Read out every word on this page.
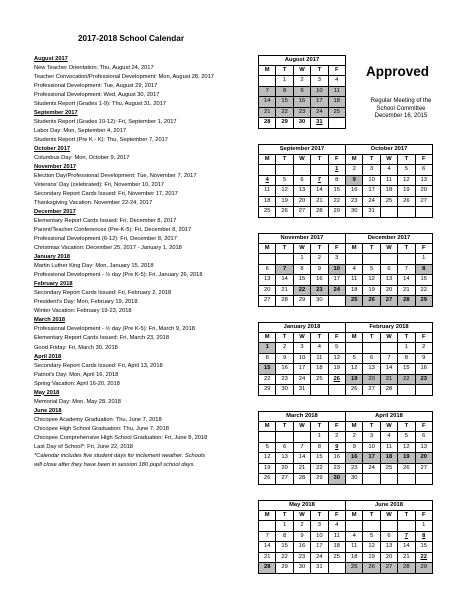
2017-2018 School Calendar
August 2017
New Teacher Orientation: Thu, August 24, 2017
Teacher Convocation/Professional Development: Mon, August 28, 2017
Professional Development: Tue, August 29, 2017
Professional Development: Wed, August 30, 2017
Students Report (Grades 1-9): Thu, August 31, 2017
September 2017
Students Report (Grades 10-12): Fri, September 1, 2017
Labor Day: Mon, September 4, 2017
Students Report (Pre K - K): Thu, September 7, 2017
October 2017
Columbus Day: Mon, October 9, 2017
November 2017
Election Day/Professional Development: Tue, November 7, 2017
Veterans' Day (celebrated): Fri, November 10, 2017
Secondary Report Cards Issued: Fri, November 17, 2017
Thanksgiving Vacation: November 22-24, 2017
December 2017
Elementary Report Cards Issued: Fri, December 8, 2017
Parent/Teacher Conferences (Pre-K-5): Fri, December 8, 2017
Professional Development (6-12): Fri, December 8, 2017
Christmas Vacation: December 25, 2017 - January 1, 2018
January 2018
Martin Luther King Day: Mon, January 15, 2018
Professional Development - ½ day (Pre K-5): Fri, January 26, 2018
February 2018
Secondary Report Cards Issued: Fri, February 2, 2018
President's Day: Mon, February 19, 2018
Winter Vacation: February 19-23, 2018
March 2018
Professional Development - ½ day (Pre K-5): Fri, March 9, 2018
Elementary Report Cards Issued: Fri, March 23, 2018
Good Friday: Fri, March 30, 2018
April 2018
Secondary Report Cards Issued: Fri, April 13, 2018
Patriot's Day: Mon, April 16, 2018
Spring Vacation: April 16-20, 2018
May 2018
Memorial Day: Mon, May 28, 2018
June 2018
Chicopee Academy Graduation: Thu, June 7, 2018
Chicopee High School Graduation: Thu, June 7, 2018
Chicopee Comprehensive High School Graduation: Fri, June 8, 2018
Last Day of School*: Fri, June 22, 2018
*Calendar includes five student days for inclement weather. Schools
will close after they have been in session 180 pupil school days.
Approved
Regular Meeting of the
School Committee
December 16, 2015
August 2017				
M	T	W	T	F
	1	2	3	4
7	8	9	10	11
14	15	16	17	18
21	22	23	24	25
28	29	30	31	
September 2017				
M	T	W	T	F
				1
4	5	6	7	8
11	12	13	14	15
18	19	20	21	22
25	26	27	28	29
October 2017				
M	T	W	T	F
2	3	4	5	6
9	10	11	12	13
16	17	18	19	20
23	24	25	26	27
30	31			
November 2017				
M	T	W	T	F
		1	2	3
6	7	8	9	10
13	14	15	16	17
20	21	22	23	24
27	28	29	30	
December 2017				
M	T	W	T	F
				1
4	5	6	7	8
11	12	13	14	15
18	19	20	21	22
25	26	27	28	29
January 2018				
M	T	W	T	F
1	2	3	4	5
8	9	10	11	12
15	16	17	18	19
22	23	24	25	26
29	30	31		
February 2018				
M	T	W	T	F
			1	2
5	6	7	8	9
12	13	14	15	16
19	20	21	22	23
26	27	28		
March 2018				
M	T	W	T	F
			1	2
5	6	7	8	9
12	13	14	15	16
19	20	21	22	23
26	27	28	29	30
April 2018				
M	T	W	T	F
2	3	4	5	6
9	10	11	12	13
16	17	18	19	20
23	24	25	26	27
30				
May 2018				
M	T	W	T	F
	1	2	3	4
7	8	9	10	11
14	15	16	17	18
21	22	23	24	25
28	29	30	31	
June 2018				
M	T	W	T	F
				1
4	5	6	7	8
11	12	13	14	15
18	19	20	21	22
25	26	27	28	29
